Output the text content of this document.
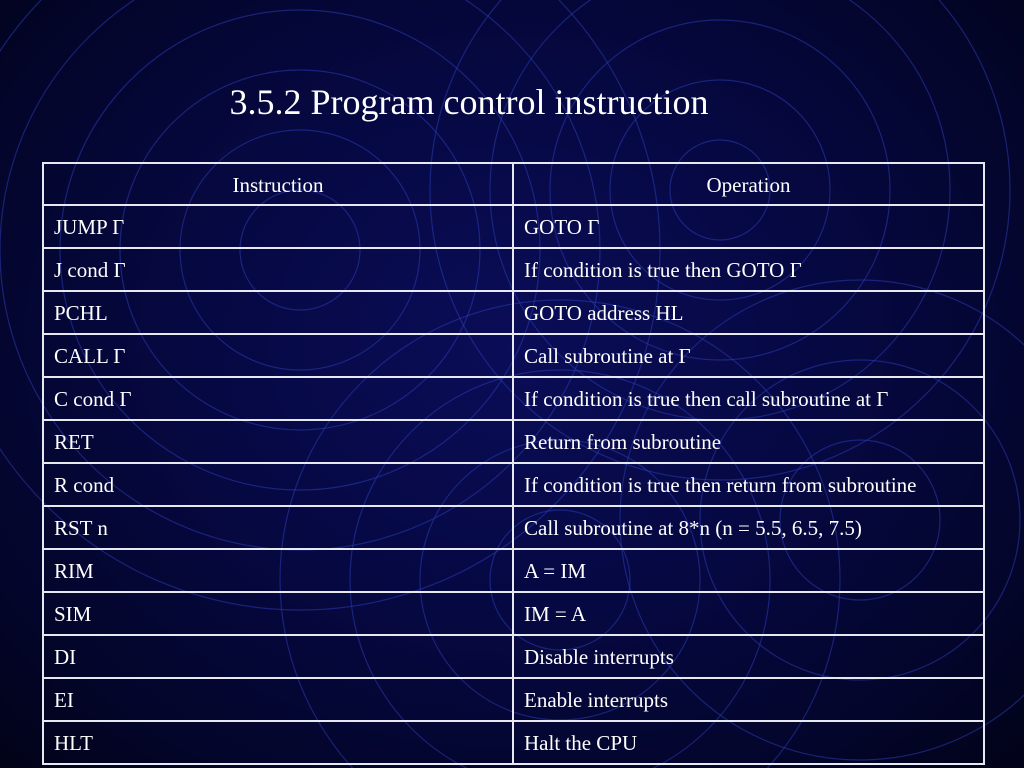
3.5.2 Program control instruction
Instruction	Operation
JUMP Γ	GOTO Γ
J cond Γ	If condition is true then GOTO Γ
PCHL	GOTO address HL
CALL Γ	Call subroutine at Γ
C cond Γ	If condition is true then call subroutine at Γ
RET	Return from subroutine
R cond	If condition is true then return from subroutine
RST n	Call subroutine at 8*n (n = 5.5, 6.5, 7.5)
RIM	A = IM
SIM	IM = A
DI	Disable interrupts
EI	Enable interrupts
HLT	Halt the CPU
